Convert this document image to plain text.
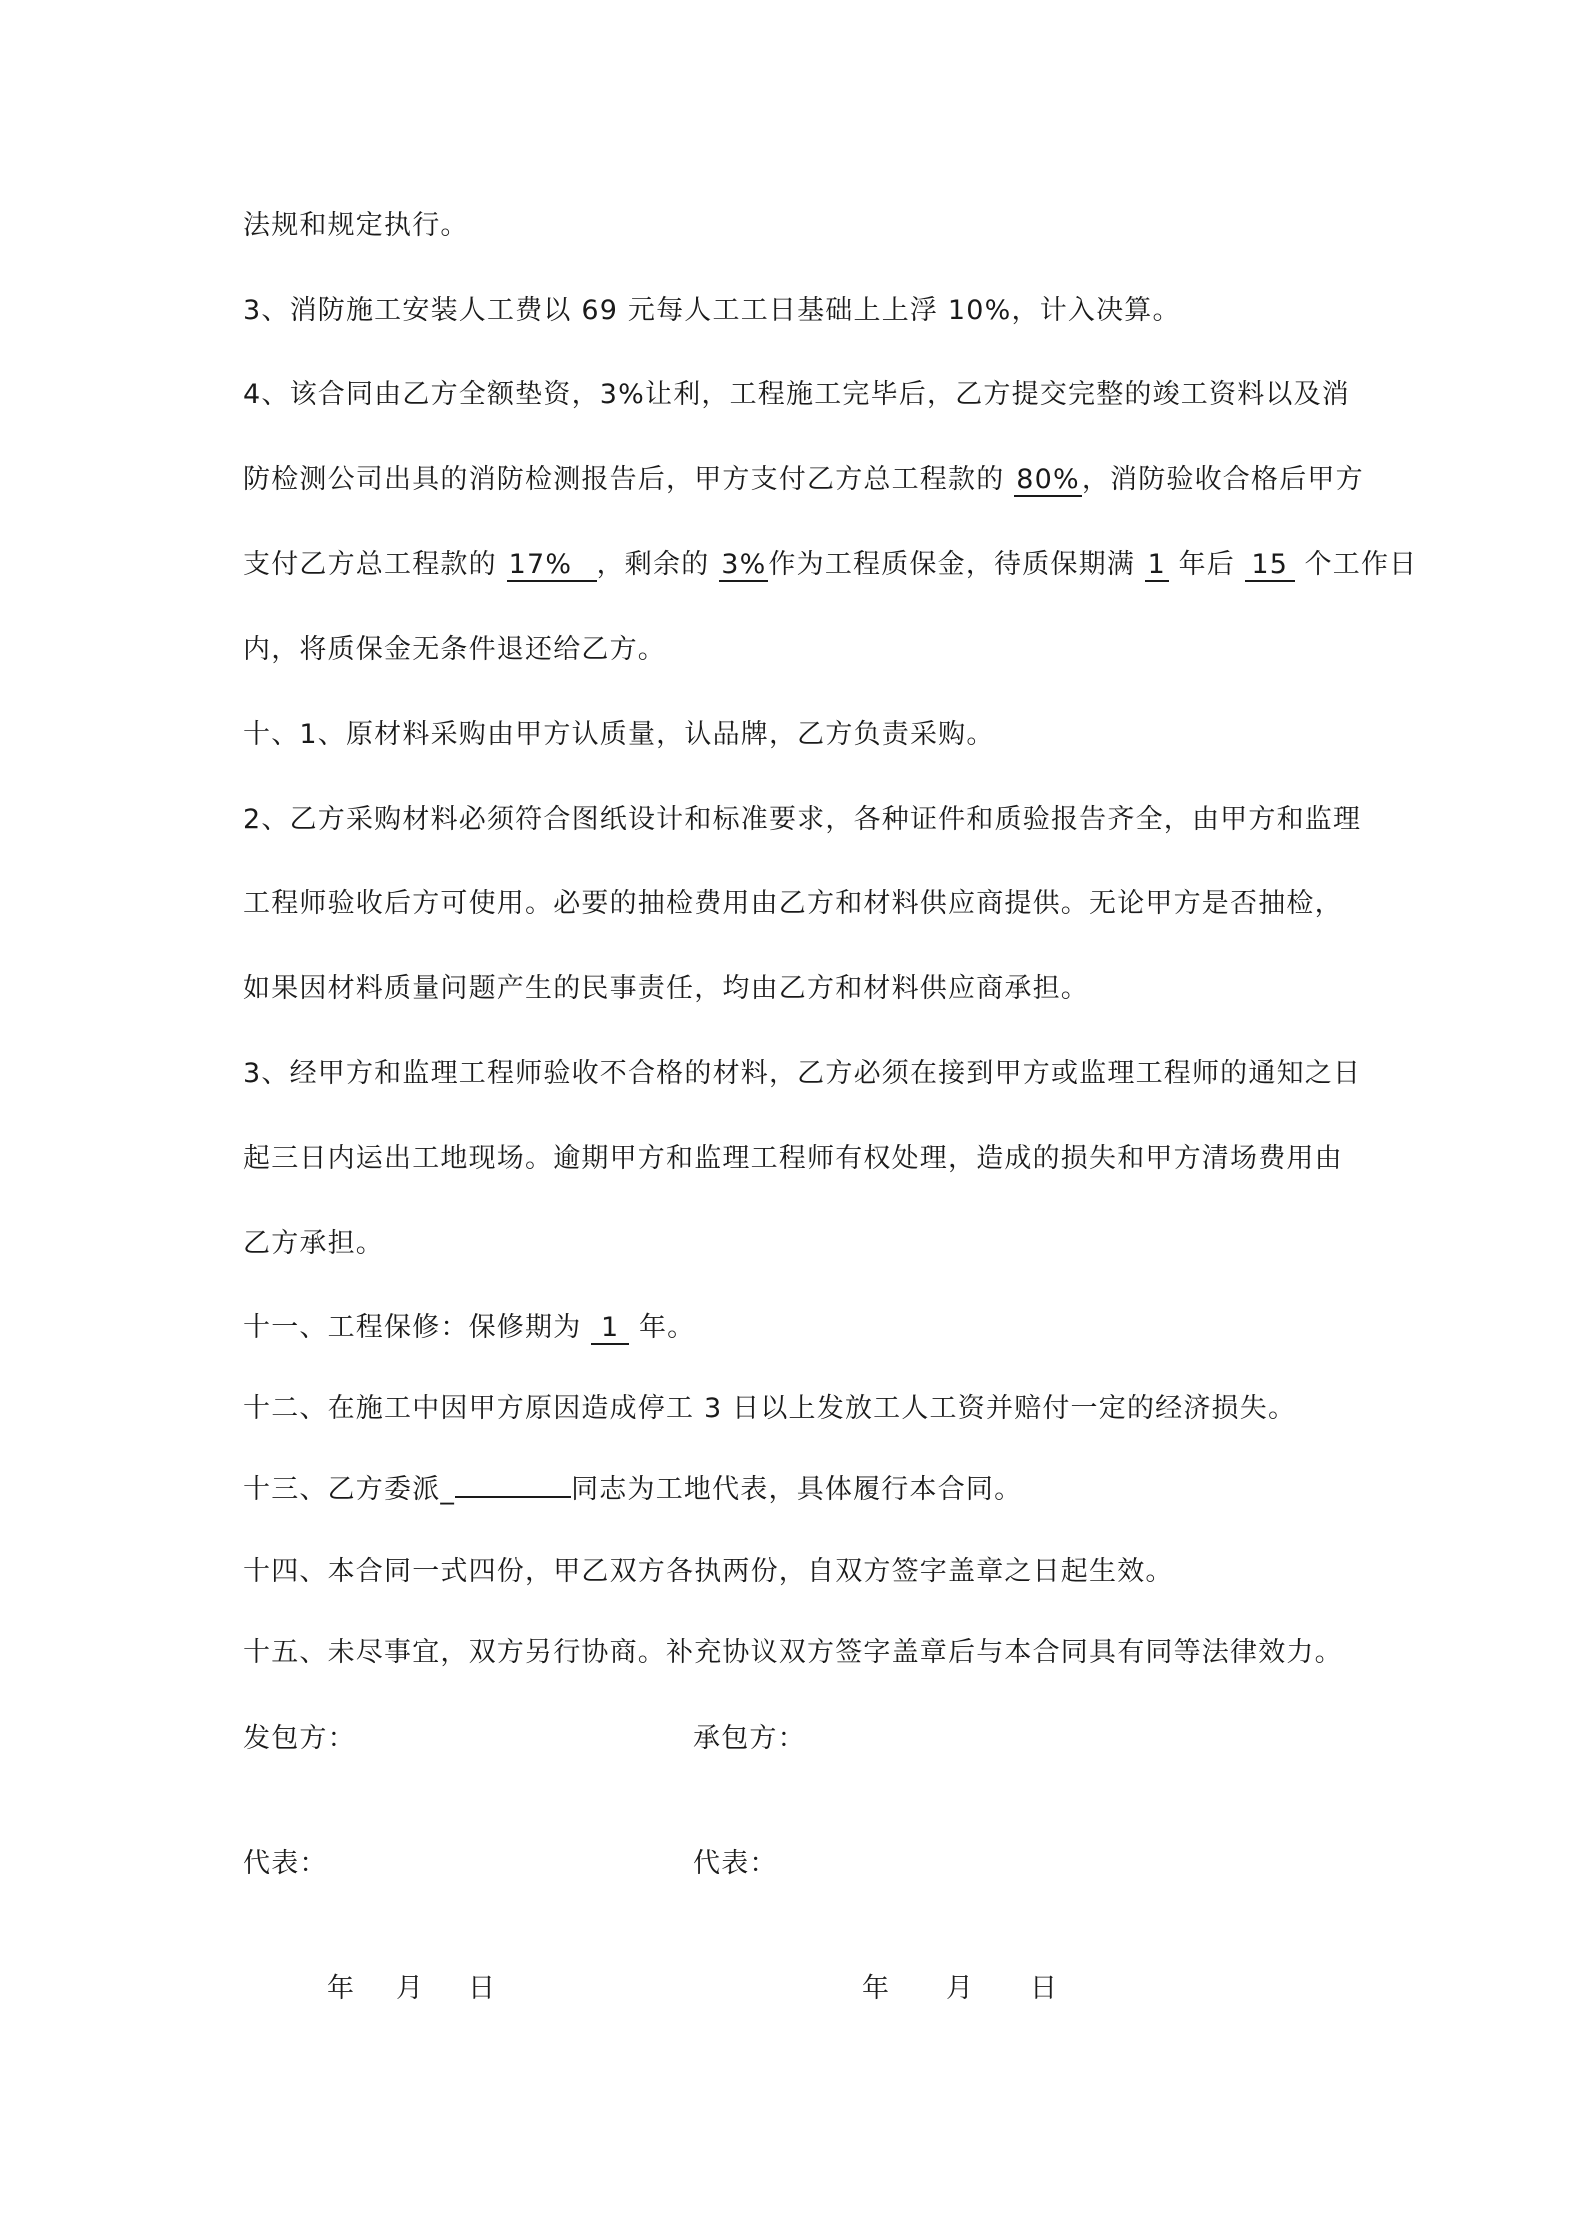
法规和规定执行。
3、消防施工安装人工费以 69 元每人工工日基础上上浮 10%，计入决算。
4、该合同由乙方全额垫资，3%让利，工程施工完毕后，乙方提交完整的竣工资料以及消
防检测公司出具的消防检测报告后，甲方支付乙方总工程款的 80%，消防验收合格后甲方
支付乙方总工程款的 17% ，剩余的 3%作为工程质保金，待质保期满 1 年后 15 个工作日
内，将质保金无条件退还给乙方。
十、1、原材料采购由甲方认质量，认品牌，乙方负责采购。
2、乙方采购材料必须符合图纸设计和标准要求，各种证件和质验报告齐全，由甲方和监理
工程师验收后方可使用。必要的抽检费用由乙方和材料供应商提供。无论甲方是否抽检，
如果因材料质量问题产生的民事责任，均由乙方和材料供应商承担。
3、经甲方和监理工程师验收不合格的材料，乙方必须在接到甲方或监理工程师的通知之日
起三日内运出工地现场。逾期甲方和监理工程师有权处理，造成的损失和甲方清场费用由
乙方承担。
十一、工程保修：保修期为 1 年。
十二、在施工中因甲方原因造成停工 3 日以上发放工人工资并赔付一定的经济损失。
十三、乙方委派_	同志为工地代表，具体履行本合同。
十四、本合同一式四份，甲乙双方各执两份，自双方签字盖章之日起生效。
十五、未尽事宜，双方另行协商。补充协议双方签字盖章后与本合同具有同等法律效力。
发包方：	承包方：
代表：	代表：
年 月 日	年 月 日
